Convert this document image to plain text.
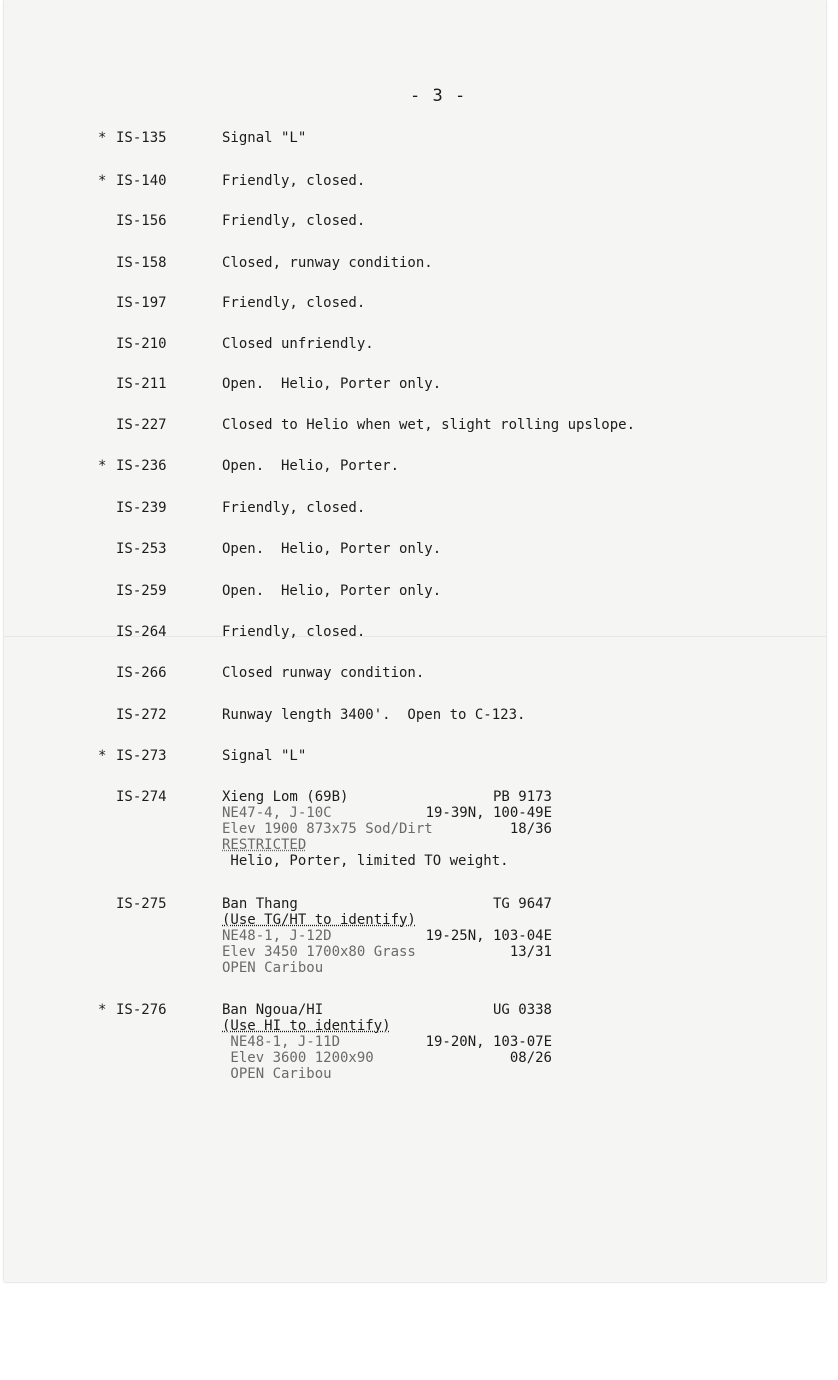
- 3 -
* IS-135	Signal "L"
* IS-140	Friendly, closed.
IS-156	Friendly, closed.
IS-158	Closed, runway condition.
IS-197	Friendly, closed.
IS-210	Closed unfriendly.
IS-211	Open.  Helio, Porter only.
IS-227	Closed to Helio when wet, slight rolling upslope.
* IS-236	Open.  Helio, Porter.
IS-239	Friendly, closed.
IS-253	Open.  Helio, Porter only.
IS-259	Open.  Helio, Porter only.
IS-264	Friendly, closed.
IS-266	Closed runway condition.
IS-272	Runway length 3400'.  Open to C-123.
* IS-273	Signal "L"
IS-274	Xieng Lom (69B)	PB 9173
NE47-4, J-10C	19-39N, 100-49E
Elev 1900 873x75 Sod/Dirt	18/36
RESTRICTED
Helio, Porter, limited TO weight.
IS-275	Ban Thang	TG 9647
(Use TG/HT to identify)
NE48-1, J-12D	19-25N, 103-04E
Elev 3450 1700x80 Grass	13/31
OPEN Caribou
* IS-276	Ban Ngoua/HI	UG 0338
(Use HI to identify)
NE48-1, J-11D	19-20N, 103-07E
Elev 3600 1200x90	08/26
OPEN Caribou
